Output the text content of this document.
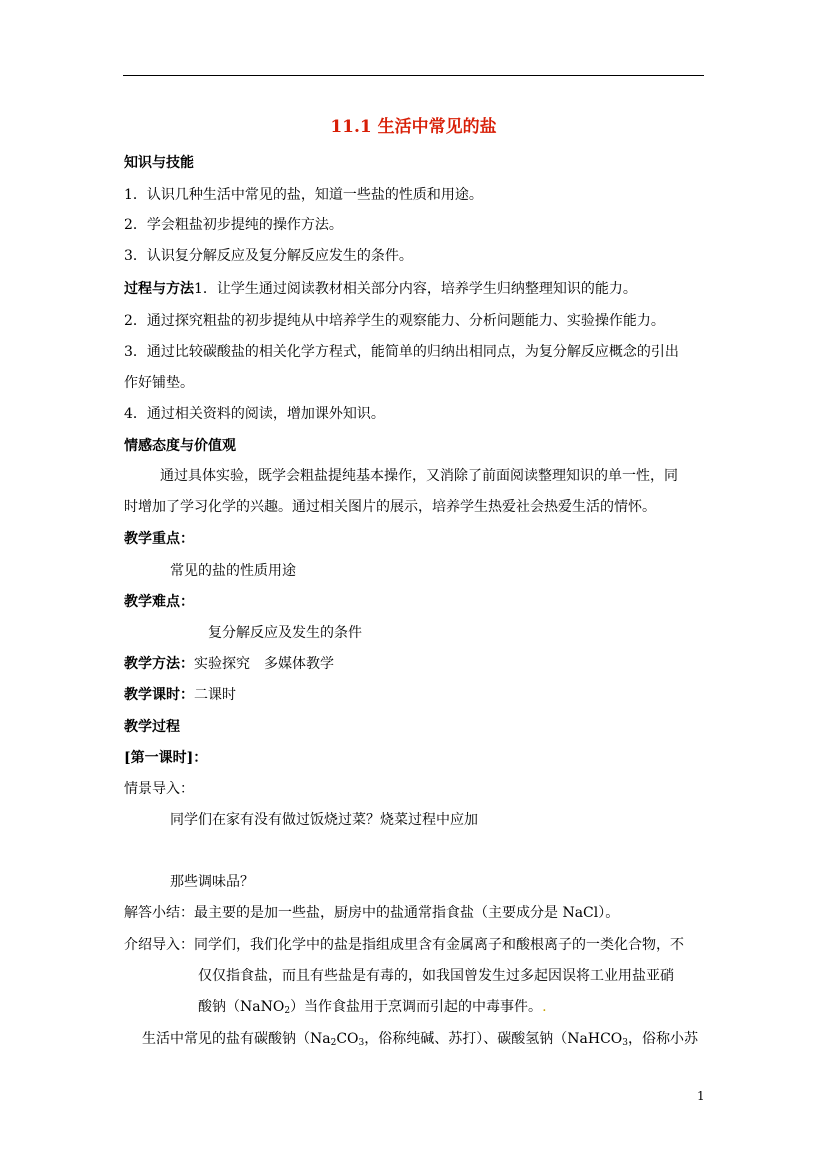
11.1 生活中常见的盐
知识与技能
1．认识几种生活中常见的盐，知道一些盐的性质和用途。
2．学会粗盐初步提纯的操作方法。
3．认识复分解反应及复分解反应发生的条件。
过程与方法1．让学生通过阅读教材相关部分内容，培养学生归纳整理知识的能力。
2．通过探究粗盐的初步提纯从中培养学生的观察能力、分析问题能力、实验操作能力。
3．通过比较碳酸盐的相关化学方程式，能简单的归纳出相同点，为复分解反应概念的引出
作好铺垫。
4．通过相关资料的阅读，增加课外知识。
情感态度与价值观
通过具体实验，既学会粗盐提纯基本操作，又消除了前面阅读整理知识的单一性，同
时增加了学习化学的兴趣。通过相关图片的展示，培养学生热爱社会热爱生活的情怀。
教学重点：
常见的盐的性质用途
教学难点：
复分解反应及发生的条件
教学方法：实验探究　多媒体教学
教学课时：二课时
教学过程
[第一课时]：
情景导入：
同学们在家有没有做过饭烧过菜？烧菜过程中应加
那些调味品？
解答小结：最主要的是加一些盐，厨房中的盐通常指食盐（主要成分是 NaCl）。
介绍导入：同学们，我们化学中的盐是指组成里含有金属离子和酸根离子的一类化合物，不
仅仅指食盐，而且有些盐是有毒的，如我国曾发生过多起因误将工业用盐亚硝
酸钠（NaNO$_2$）当作食盐用于烹调而引起的中毒事件。.
生活中常见的盐有碳酸钠（$Na_2CO_3$，俗称纯碱、苏打）、碳酸氢钠（NaHCO$_3$，俗称小苏
1
